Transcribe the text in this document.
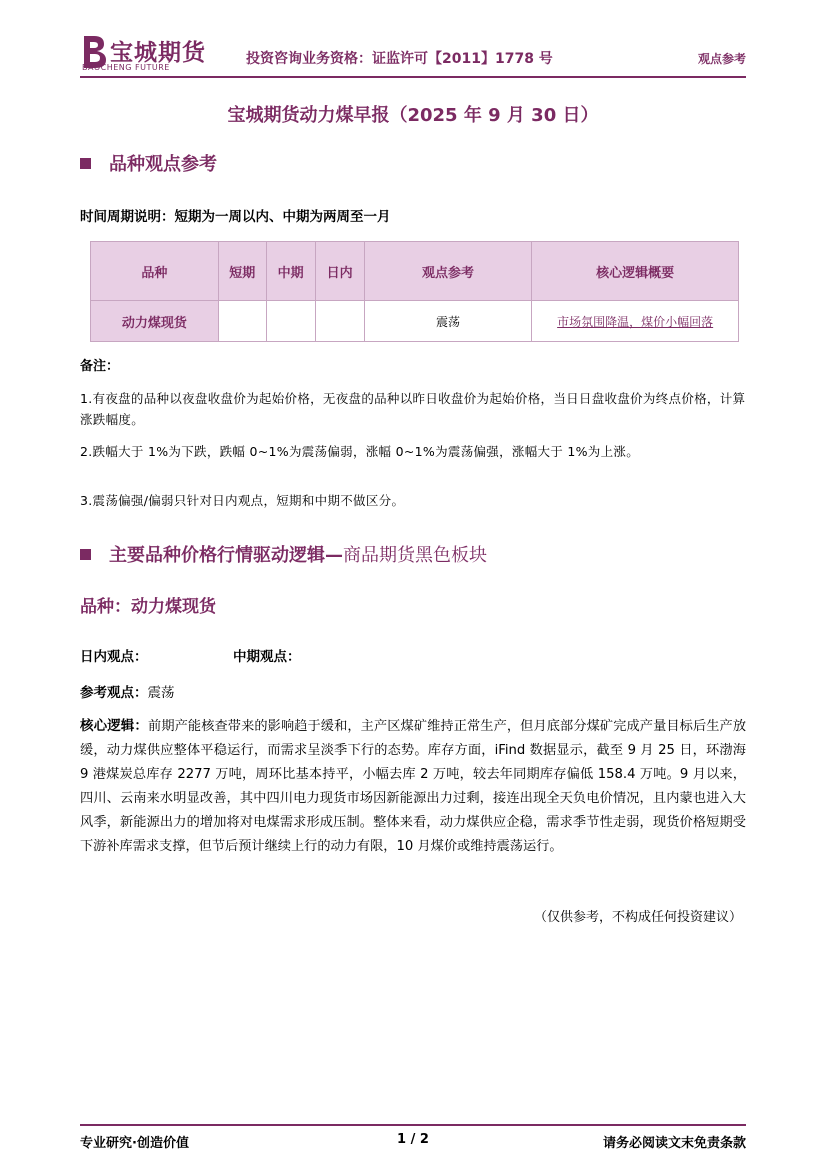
宝城期货
BAOCHENG FUTURE
投资咨询业务资格：证监许可【2011】1778 号	观点参考
宝城期货动力煤早报（2025 年 9 月 30 日）
品种观点参考
时间周期说明：短期为一周以内、中期为两周至一月
品种	短期	中期	日内	观点参考	核心逻辑概要
动力煤现货				震荡	市场氛围降温，煤价小幅回落
备注：
1.有夜盘的品种以夜盘收盘价为起始价格，无夜盘的品种以昨日收盘价为起始价格，当日日盘收盘价为终点价格，计算涨跌幅度。
2.跌幅大于 1%为下跌，跌幅 0~1%为震荡偏弱，涨幅 0~1%为震荡偏强，涨幅大于 1%为上涨。
3.震荡偏强/偏弱只针对日内观点，短期和中期不做区分。
主要品种价格行情驱动逻辑— 商品期货黑色板块
品种：动力煤现货
日内观点：	中期观点：
参考观点：震荡
核心逻辑：前期产能核查带来的影响趋于缓和，主产区煤矿维持正常生产，但月底部分煤矿完成产量目标后生产放缓，动力煤供应整体平稳运行，而需求呈淡季下行的态势。库存方面，iFind 数据显示，截至 9 月 25 日，环渤海 9 港煤炭总库存 2277 万吨，周环比基本持平，小幅去库 2 万吨，较去年同期库存偏低 158.4 万吨。9 月以来，四川、云南来水明显改善，其中四川电力现货市场因新能源出力过剩，接连出现全天负电价情况，且内蒙也进入大风季，新能源出力的增加将对电煤需求形成压制。整体来看，动力煤供应企稳，需求季节性走弱，现货价格短期受下游补库需求支撑，但节后预计继续上行的动力有限，10 月煤价或维持震荡运行。
（仅供参考，不构成任何投资建议）
专业研究·创造价值	1 / 2	请务必阅读文末免责条款
